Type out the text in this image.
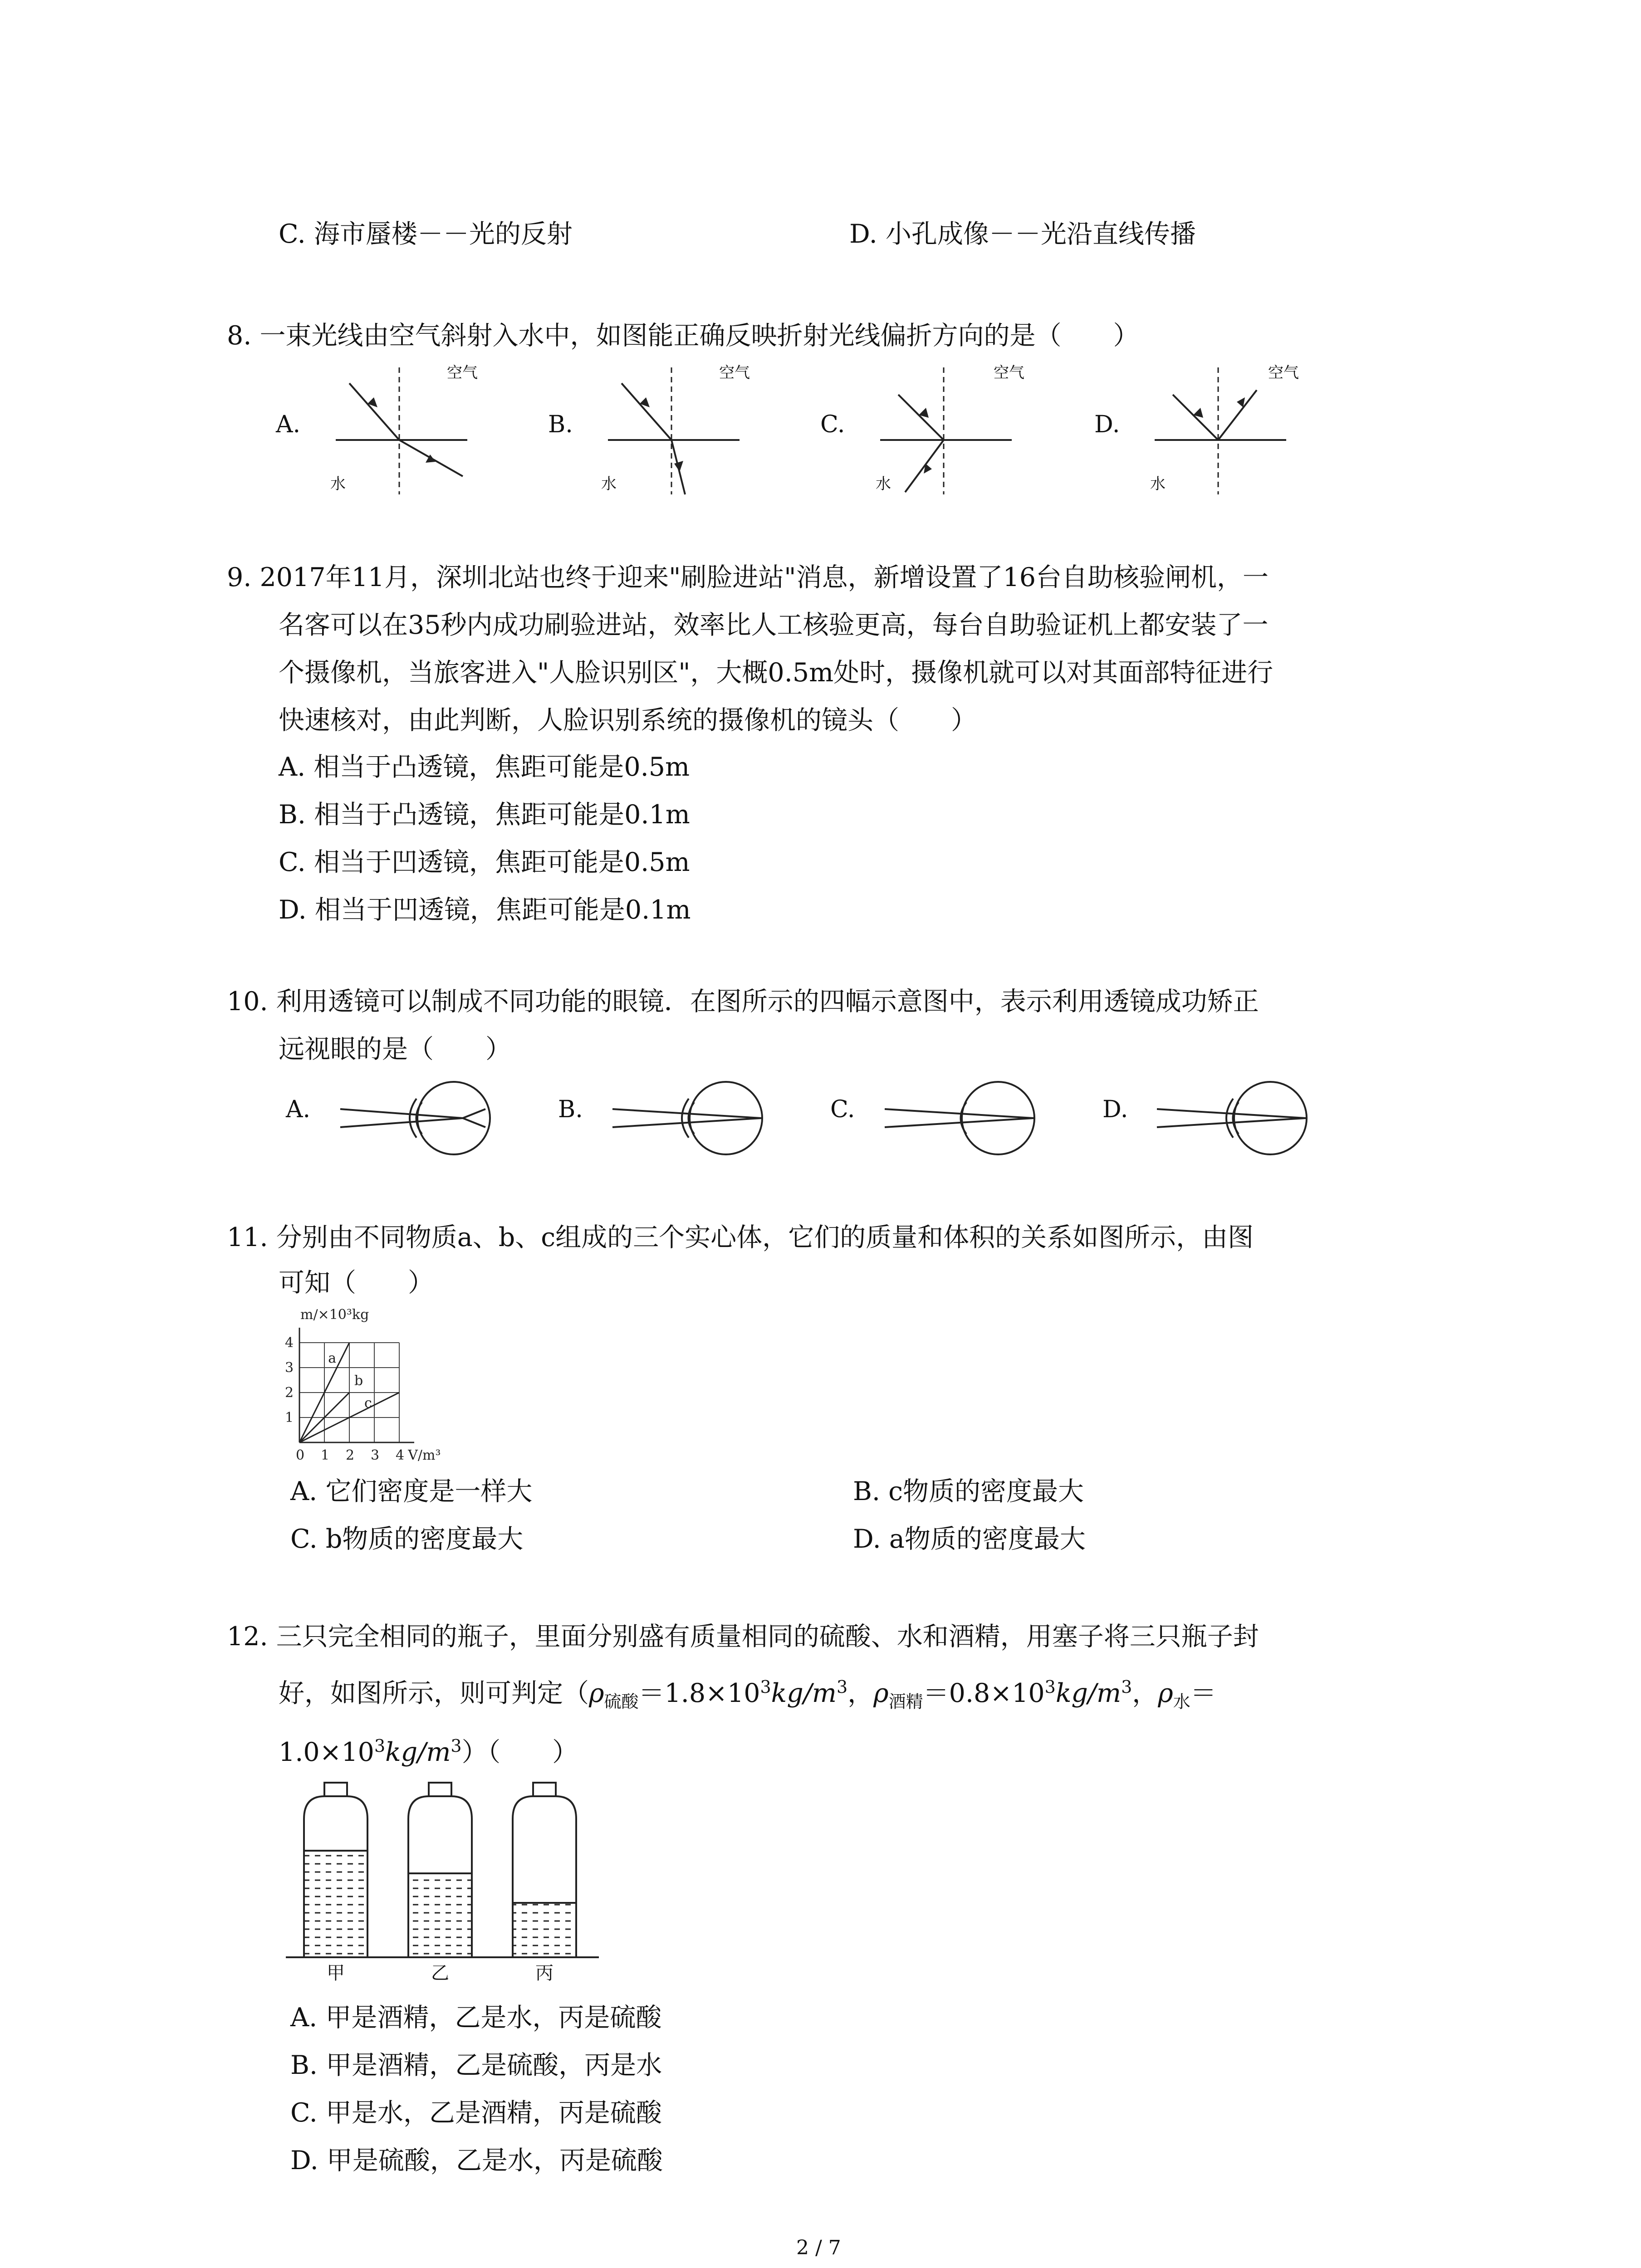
C. 海市蜃楼－－光的反射	D. 小孔成像－－光沿直线传播
8. 一束光线由空气斜射入水中，如图能正确反映折射光线偏折方向的是（　　）
A.	B.	C.	D.
空气	空气	空气	空气
水	水	水	水
9. 2017年11月，深圳北站也终于迎来"刷脸进站"消息，新增设置了16台自助核验闸机，一
名客可以在35秒内成功刷验进站，效率比人工核验更高，每台自助验证机上都安装了一
个摄像机，当旅客进入"人脸识别区"，大概0.5m处时，摄像机就可以对其面部特征进行
快速核对，由此判断，人脸识别系统的摄像机的镜头（　　）
A. 相当于凸透镜，焦距可能是0.5m
B. 相当于凸透镜，焦距可能是0.1m
C. 相当于凹透镜，焦距可能是0.5m
D. 相当于凹透镜，焦距可能是0.1m
10. 利用透镜可以制成不同功能的眼镜．在图所示的四幅示意图中，表示利用透镜成功矫正
远视眼的是（　　）
A.	B.	C.	D.
11. 分别由不同物质a、b、c组成的三个实心体，它们的质量和体积的关系如图所示，由图
可知（　　）
a
b
c
0 1 2 3 4
1
2
3
4
m/×10³kg
V/m³
A. 它们密度是一样大	B. c物质的密度最大
C. b物质的密度最大	D. a物质的密度最大
12. 三只完全相同的瓶子，里面分别盛有质量相同的硫酸、水和酒精，用塞子将三只瓶子封
好，如图所示，则可判定（$\rho_{硫酸}=1.8\times 10^3kg/m^3$，$\rho_{酒精}=0.8\times 10^3kg/m^3$，$\rho_水=$
$1.0\times 10^3kg/m^3$）（　　）
甲	乙	丙
A. 甲是酒精，乙是水，丙是硫酸
B. 甲是酒精，乙是硫酸，丙是水
C. 甲是水，乙是酒精，丙是硫酸
D. 甲是硫酸，乙是水，丙是硫酸
2 / 7
